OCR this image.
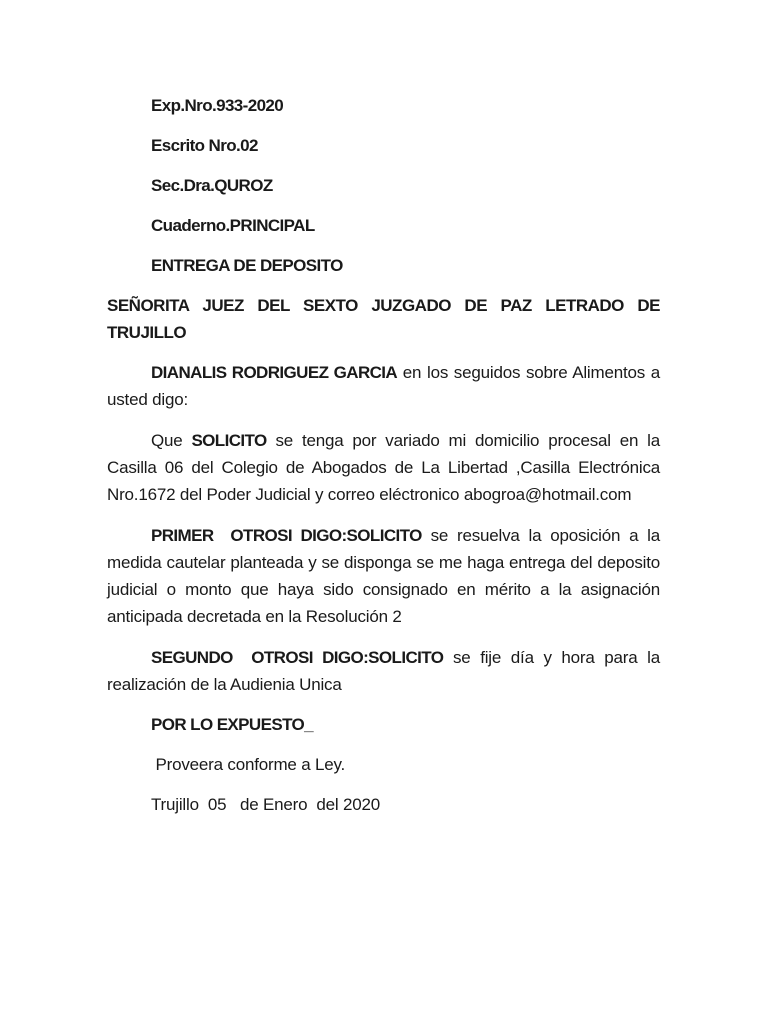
Exp.Nro.933-2020
Escrito Nro.02
Sec.Dra.QUROZ
Cuaderno.PRINCIPAL
ENTREGA DE DEPOSITO
SEÑORITA JUEZ DEL SEXTO JUZGADO DE PAZ LETRADO DE TRUJILLO
DIANALIS RODRIGUEZ GARCIA en los seguidos sobre Alimentos a usted digo:
Que SOLICITO se tenga por variado mi domicilio procesal en la Casilla 06 del Colegio de Abogados de La Libertad ,Casilla Electrónica Nro.1672 del Poder Judicial y correo eléctronico abogroa@hotmail.com
PRIMER  OTROSI DIGO:SOLICITO se resuelva la oposición a la medida cautelar planteada y se disponga se me haga entrega del deposito judicial o monto que haya sido consignado en mérito a la asignación anticipada decretada en la Resolución 2
SEGUNDO  OTROSI DIGO:SOLICITO se fije día y hora para la realización de la Audienia Unica
POR LO EXPUESTO_
Proveera conforme a Ley.
Trujillo  05   de Enero  del 2020
